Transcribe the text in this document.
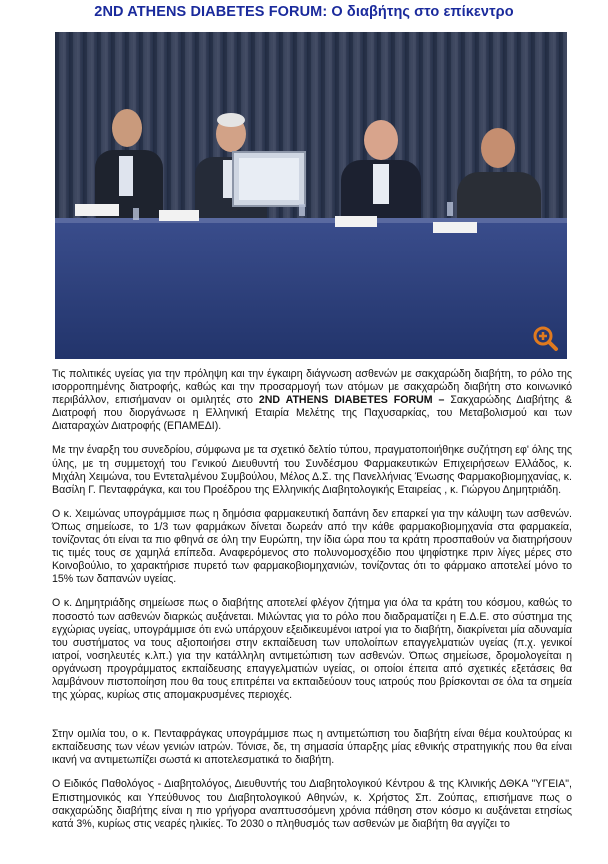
2ND ATHENS DIABETES FORUM: Ο διαβήτης στο επίκεντρο

Τις πολιτικές υγείας για την πρόληψη και την έγκαιρη διάγνωση ασθενών με σακχαρώδη διαβήτη, το ρόλο της ισορροπημένης διατροφής, καθώς και την προσαρμογή των ατόμων με σακχαρώδη διαβήτη στο κοινωνικό περιβάλλον, επισήμαναν οι ομιλητές στο 2ND ATHENS DIABETES FORUM – Σακχαρώδης Διαβήτης & Διατροφή που διοργάνωσε η Ελληνική Εταιρία Μελέτης της Παχυσαρκίας, του Μεταβολισμού και των Διαταραχών Διατροφής (ΕΠΑΜΕΔΙ).

Με την έναρξη του συνεδρίου, σύμφωνα με τα σχετικό δελτίο τύπου, πραγματοποιήθηκε συζήτηση εφ' όλης της ύλης, με τη συμμετοχή του Γενικού Διευθυντή του Συνδέσμου Φαρμακευτικών Επιχειρήσεων Ελλάδος, κ. Μιχάλη Χειμώνα, του Εντεταλμένου Συμβούλου, Μέλος Δ.Σ. της Πανελλήνιας Ένωσης Φαρμακοβιομηχανίας, κ. Βασίλη Γ. Πενταφράγκα, και του Προέδρου της Ελληνικής Διαβητολογικής Εταιρείας , κ. Γιώργου Δημητριάδη.

Ο κ. Χειμώνας υπογράμμισε πως η δημόσια φαρμακευτική δαπάνη δεν επαρκεί για την κάλυψη των ασθενών. Όπως σημείωσε, το 1/3 των φαρμάκων δίνεται δωρεάν από την κάθε φαρμακοβιομηχανία στα φαρμακεία, τονίζοντας ότι είναι τα πιο φθηνά σε όλη την Ευρώπη, την ίδια ώρα που τα κράτη προσπαθούν να διατηρήσουν τις τιμές τους σε χαμηλά επίπεδα. Αναφερόμενος στο πολυνομοσχέδιο που ψηφίστηκε πριν λίγες μέρες στο Κοινοβούλιο, το χαρακτήρισε πυρετό των φαρμακοβιομηχανιών, τονίζοντας ότι το φάρμακο αποτελεί μόνο το 15% των δαπανών υγείας.

Ο κ. Δημητριάδης σημείωσε πως ο διαβήτης αποτελεί φλέγον ζήτημα για όλα τα κράτη του κόσμου, καθώς το ποσοστό των ασθενών διαρκώς αυξάνεται. Μιλώντας για το ρόλο που διαδραματίζει η Ε.Δ.Ε. στο σύστημα της εγχώριας υγείας, υπογράμμισε ότι ενώ υπάρχουν εξειδικευμένοι ιατροί για το διαβήτη, διακρίνεται μία αδυναμία του συστήματος να τους αξιοποιήσει στην εκπαίδευση των υπολοίπων επαγγελματιών υγείας (π.χ. γενικοί ιατροί, νοσηλευτές κ.λπ.) για την κατάλληλη αντιμετώπιση των ασθενών. Όπως σημείωσε, δρομολογείται η οργάνωση προγράμματος εκπαίδευσης επαγγελματιών υγείας, οι οποίοι έπειτα από σχετικές εξετάσεις θα λαμβάνουν πιστοποίηση που θα τους επιτρέπει να εκπαιδεύουν τους ιατρούς που βρίσκονται σε όλα τα σημεία της χώρας, κυρίως στις απομακρυσμένες περιοχές.

Στην ομιλία του, ο κ. Πενταφράγκας υπογράμμισε πως η αντιμετώπιση του διαβήτη είναι θέμα κουλτούρας κι εκπαίδευσης των νέων γενιών ιατρών. Τόνισε, δε, τη σημασία ύπαρξης μίας εθνικής στρατηγικής που θα είναι ικανή να αντιμετωπίζει σωστά κι αποτελεσματικά το διαβήτη.

Ο Ειδικός Παθολόγος - Διαβητολόγος, Διευθυντής του Διαβητολογικού Κέντρου & της Κλινικής ΔΘΚΑ "ΥΓΕΙΑ", Επιστημονικός και Υπεύθυνος του Διαβητολογικού Αθηνών, κ. Χρήστος Σπ. Ζούπας, επισήμανε πως ο σακχαρώδης διαβήτης είναι η πιο γρήγορα αναπτυσσόμενη χρόνια πάθηση στον κόσμο κι αυξάνεται ετησίως κατά 3%, κυρίως στις νεαρές ηλικίες. Το 2030 ο πληθυσμός των ασθενών με διαβήτη θα αγγίζει το
